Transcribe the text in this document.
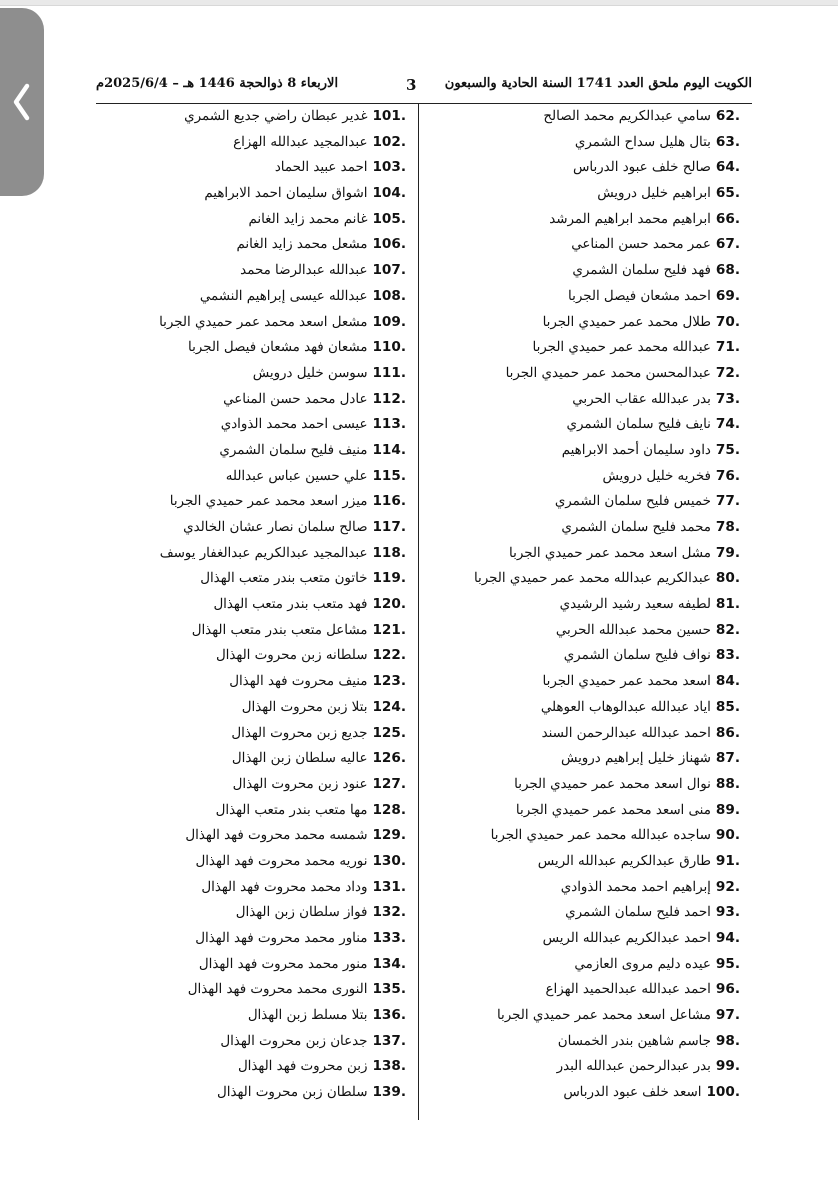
الكويت اليوم ملحق العدد 1741 السنة الحادية والسبعون
3
الاربعاء 8 ذوالحجة 1446 هـ – 2025/6/4م
سامي عبدالكريم محمد الصالح 62.
بتال هليل سداح الشمري 63.
صالح خلف عبود الدرباس 64.
ابراهيم خليل درويش 65.
ابراهيم محمد ابراهيم المرشد 66.
عمر محمد حسن المناعي 67.
فهد فليح سلمان الشمري 68.
احمد مشعان فيصل الجربا 69.
طلال محمد عمر حميدي الجربا 70.
عبدالله محمد عمر حميدي الجربا 71.
عبدالمحسن محمد عمر حميدي الجربا 72.
بدر عبدالله عقاب الحربي 73.
نايف فليح سلمان الشمري 74.
داود سليمان أحمد الابراهيم 75.
فخريه خليل درويش 76.
خميس فليح سلمان الشمري 77.
محمد فليح سلمان الشمري 78.
مشل اسعد محمد عمر حميدي الجربا 79.
عبدالكريم عبدالله محمد عمر حميدي الجربا 80.
لطيفه سعيد رشيد الرشيدي 81.
حسين محمد عبدالله الحربي 82.
نواف فليح سلمان الشمري 83.
اسعد محمد عمر حميدي الجربا 84.
اياد عبدالله عبدالوهاب العوهلي 85.
احمد عبدالله عبدالرحمن السند 86.
شهناز خليل إبراهيم درويش 87.
نوال اسعد محمد عمر حميدي الجربا 88.
منى اسعد محمد عمر حميدي الجربا 89.
ساجده عبدالله محمد عمر حميدي الجربا 90.
طارق عبدالكريم عبدالله الريس 91.
إبراهيم احمد محمد الذوادي 92.
احمد فليح سلمان الشمري 93.
احمد عبدالكريم عبدالله الريس 94.
عيده دليم مروى العازمي 95.
احمد عبدالله عبدالحميد الهزاع 96.
مشاعل اسعد محمد عمر حميدي الجربا 97.
جاسم شاهين بندر الخمسان 98.
بدر عبدالرحمن عبدالله البدر 99.
اسعد خلف عبود الدرباس 100.
غدير عبطان راضي جديع الشمري 101.
عبدالمجيد عبدالله الهزاع 102.
احمد عبيد الحماد 103.
اشواق سليمان احمد الابراهيم 104.
غانم محمد زايد الغانم 105.
مشعل محمد زايد الغانم 106.
عبدالله عبدالرضا محمد 107.
عبدالله عيسى إبراهيم النشمي 108.
مشعل اسعد محمد عمر حميدي الجربا 109.
مشعان فهد مشعان فيصل الجربا 110.
سوسن خليل درويش 111.
عادل محمد حسن المناعي 112.
عيسى احمد محمد الذوادي 113.
منيف فليح سلمان الشمري 114.
علي حسين عباس عبدالله 115.
ميزر اسعد محمد عمر حميدي الجربا 116.
صالح سلمان نصار عشان الخالدي 117.
عبدالمجيد عبدالكريم عبدالغفار يوسف 118.
خاتون متعب بندر متعب الهذال 119.
فهد متعب بندر متعب الهذال 120.
مشاعل متعب بندر متعب الهذال 121.
سلطانه زبن محروت الهذال 122.
منيف محروت فهد الهذال 123.
بتلا زبن محروت الهذال 124.
جديع زبن محروت الهذال 125.
عاليه سلطان زبن الهذال 126.
عنود زبن محروت الهذال 127.
مها متعب بندر متعب الهذال 128.
شمسه محمد محروت فهد الهذال 129.
نوريه محمد محروت فهد الهذال 130.
وداد محمد محروت فهد الهذال 131.
فواز سلطان زبن الهذال 132.
مناور محمد محروت فهد الهذال 133.
منور محمد محروت فهد الهذال 134.
النورى محمد محروت فهد الهذال 135.
بتلا مسلط زبن الهذال 136.
جدعان زبن محروت الهذال 137.
زبن محروت فهد الهذال 138.
سلطان زبن محروت الهذال 139.
